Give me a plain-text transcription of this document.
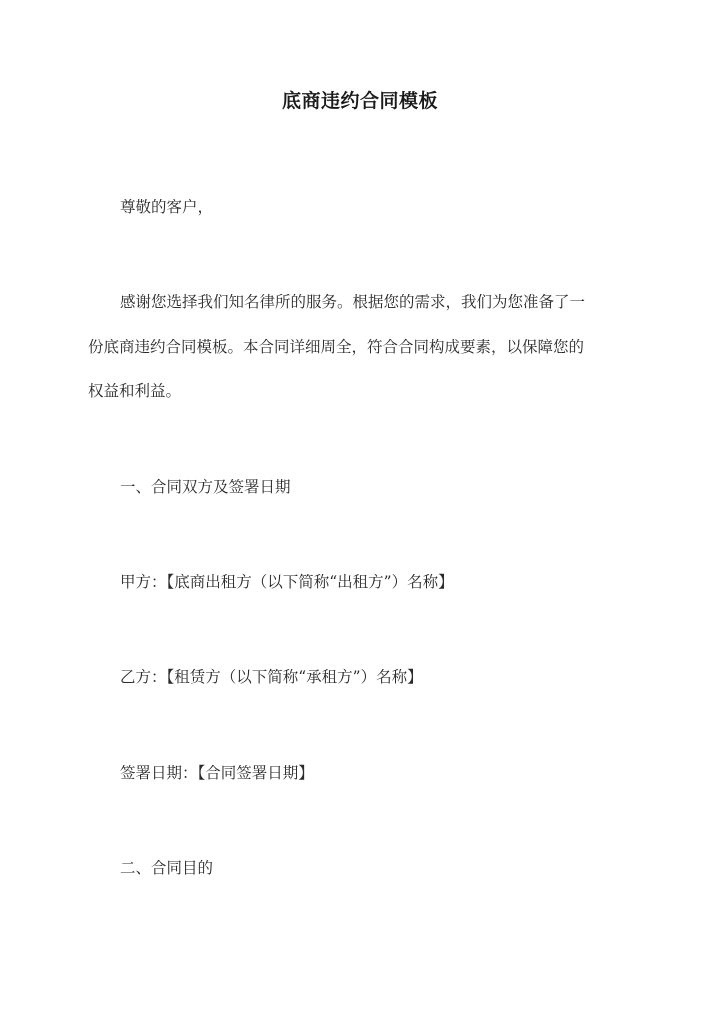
底商违约合同模板
尊敬的客户，
感谢您选择我们知名律所的服务。根据您的需求，我们为您准备了一
份底商违约合同模板。本合同详细周全，符合合同构成要素，以保障您的
权益和利益。
一、合同双方及签署日期
甲方：【底商出租方（以下简称“出租方”）名称】
乙方：【租赁方（以下简称“承租方”）名称】
签署日期：【合同签署日期】
二、合同目的
